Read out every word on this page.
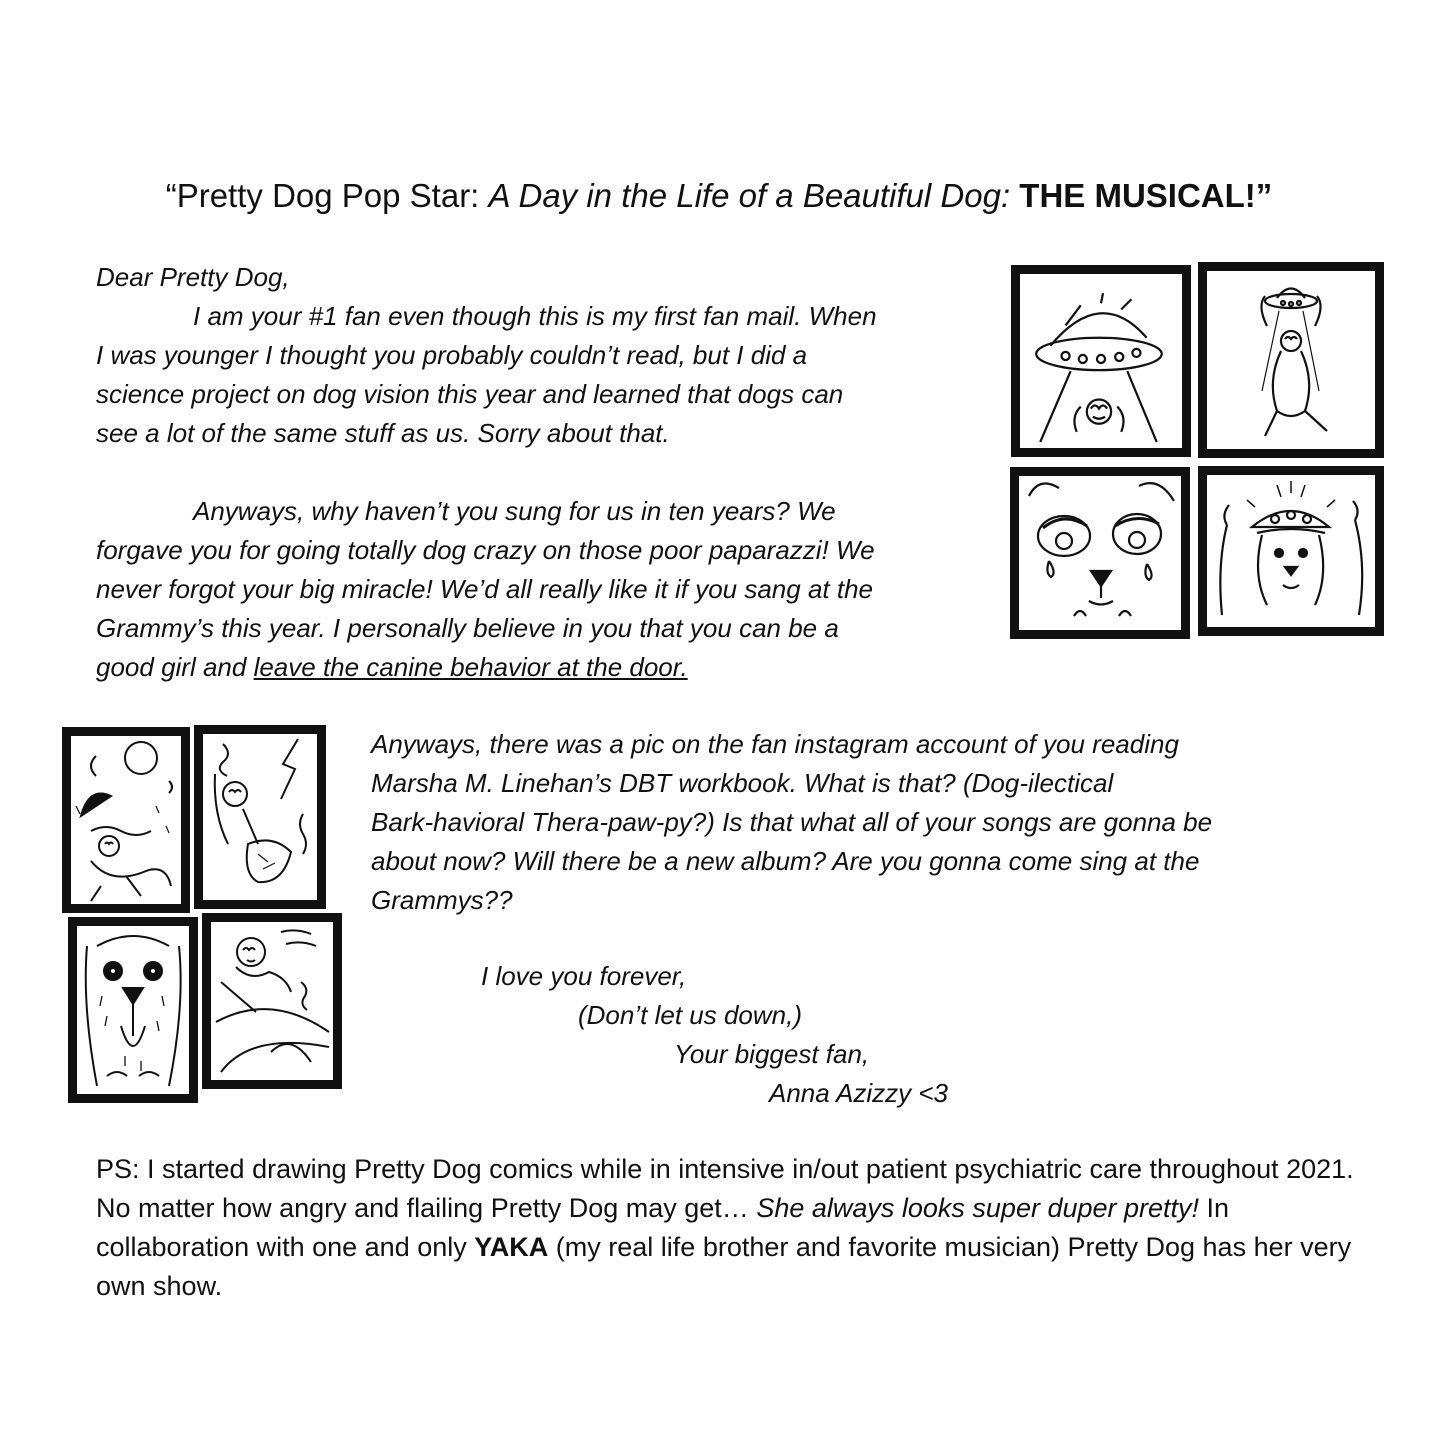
“Pretty Dog Pop Star: A Day in the Life of a Beautiful Dog: THE MUSICAL!”
Dear Pretty Dog,
I am your #1 fan even though this is my first fan mail. When
I was younger I thought you probably couldn’t read, but I did a
science project on dog vision this year and learned that dogs can
see a lot of the same stuff as us. Sorry about that.
Anyways, why haven’t you sung for us in ten years? We
forgave you for going totally dog crazy on those poor paparazzi! We
never forgot your big miracle! We’d all really like it if you sang at the
Grammy’s this year. I personally believe in you that you can be a
good girl and leave the canine behavior at the door.
Anyways, there was a pic on the fan instagram account of you reading
Marsha M. Linehan’s DBT workbook. What is that? (Dog-ilectical
Bark-havioral Thera-paw-py?) Is that what all of your songs are gonna be
about now? Will there be a new album? Are you gonna come sing at the
Grammys??
I love you forever,
(Don’t let us down,)
Your biggest fan,
Anna Azizzy <3
PS: I started drawing Pretty Dog comics while in intensive in/out patient psychiatric care throughout 2021. No matter how angry and flailing Pretty Dog may get… She always looks super duper pretty! In collaboration with one and only YAKA (my real life brother and favorite musician) Pretty Dog has her very own show.
